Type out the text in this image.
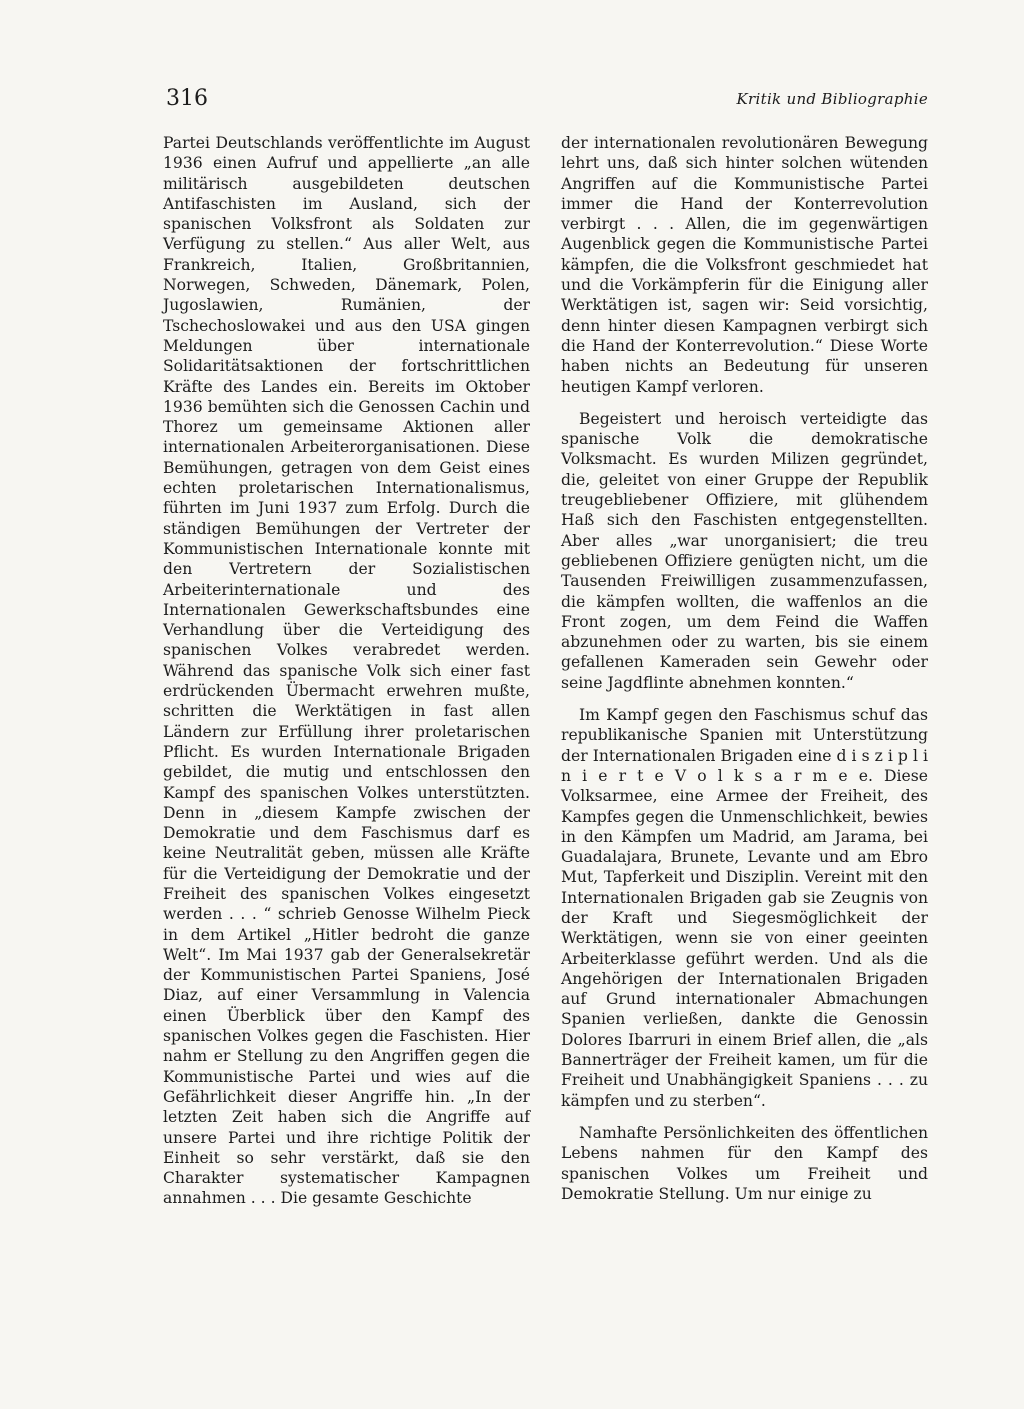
316	Kritik und Bibliographie

Partei Deutschlands veröffentlichte im August 1936 einen Aufruf und appellierte „an alle militärisch ausgebildeten deutschen Antifaschisten im Ausland, sich der spanischen Volksfront als Soldaten zur Verfügung zu stellen.“ Aus aller Welt, aus Frankreich, Italien, Großbritannien, Norwegen, Schweden, Dänemark, Polen, Jugoslawien, Rumänien, der Tschechoslowakei und aus den USA gingen Meldungen über internationale Solidaritätsaktionen der fortschrittlichen Kräfte des Landes ein. Bereits im Oktober 1936 bemühten sich die Genossen Cachin und Thorez um gemeinsame Aktionen aller internationalen Arbeiterorganisationen. Diese Bemühungen, getragen von dem Geist eines echten proletarischen Internationalismus, führten im Juni 1937 zum Erfolg. Durch die ständigen Bemühungen der Vertreter der Kommunistischen Internationale konnte mit den Vertretern der Sozialistischen Arbeiterinternationale und des Internationalen Gewerkschaftsbundes eine Verhandlung über die Verteidigung des spanischen Volkes verabredet werden. Während das spanische Volk sich einer fast erdrückenden Übermacht erwehren mußte, schritten die Werktätigen in fast allen Ländern zur Erfüllung ihrer proletarischen Pflicht. Es wurden Internationale Brigaden gebildet, die mutig und entschlossen den Kampf des spanischen Volkes unterstützten. Denn in „diesem Kampfe zwischen der Demokratie und dem Faschismus darf es keine Neutralität geben, müssen alle Kräfte für die Verteidigung der Demokratie und der Freiheit des spanischen Volkes eingesetzt werden . . . “ schrieb Genosse Wilhelm Pieck in dem Artikel „Hitler bedroht die ganze Welt“. Im Mai 1937 gab der Generalsekretär der Kommunistischen Partei Spaniens, José Diaz, auf einer Versammlung in Valencia einen Überblick über den Kampf des spanischen Volkes gegen die Faschisten. Hier nahm er Stellung zu den Angriffen gegen die Kommunistische Partei und wies auf die Gefährlichkeit dieser Angriffe hin. „In der letzten Zeit haben sich die Angriffe auf unsere Partei und ihre richtige Politik der Einheit so sehr verstärkt, daß sie den Charakter systematischer Kampagnen annahmen . . . Die gesamte Geschichte

der internationalen revolutionären Bewegung lehrt uns, daß sich hinter solchen wütenden Angriffen auf die Kommunistische Partei immer die Hand der Konterrevolution verbirgt . . . Allen, die im gegenwärtigen Augenblick gegen die Kommunistische Partei kämpfen, die die Volksfront geschmiedet hat und die Vorkämpferin für die Einigung aller Werktätigen ist, sagen wir: Seid vorsichtig, denn hinter diesen Kampagnen verbirgt sich die Hand der Konterrevolution.“ Diese Worte haben nichts an Bedeutung für unseren heutigen Kampf verloren.

Begeistert und heroisch verteidigte das spanische Volk die demokratische Volksmacht. Es wurden Milizen gegründet, die, geleitet von einer Gruppe der Republik treugebliebener Offiziere, mit glühendem Haß sich den Faschisten entgegenstellten. Aber alles „war unorganisiert; die treu gebliebenen Offiziere genügten nicht, um die Tausenden Freiwilligen zusammenzufassen, die kämpfen wollten, die waffenlos an die Front zogen, um dem Feind die Waffen abzunehmen oder zu warten, bis sie einem gefallenen Kameraden sein Gewehr oder seine Jagdflinte abnehmen konnten.“

Im Kampf gegen den Faschismus schuf das republikanische Spanien mit Unterstützung der Internationalen Brigaden eine d i s z i p l i n i e r t e V o l k s a r m e e. Diese Volksarmee, eine Armee der Freiheit, des Kampfes gegen die Unmenschlichkeit, bewies in den Kämpfen um Madrid, am Jarama, bei Guadalajara, Brunete, Levante und am Ebro Mut, Tapferkeit und Disziplin. Vereint mit den Internationalen Brigaden gab sie Zeugnis von der Kraft und Siegesmöglichkeit der Werktätigen, wenn sie von einer geeinten Arbeiterklasse geführt werden. Und als die Angehörigen der Internationalen Brigaden auf Grund internationaler Abmachungen Spanien verließen, dankte die Genossin Dolores Ibarruri in einem Brief allen, die „als Bannerträger der Freiheit kamen, um für die Freiheit und Unabhängigkeit Spaniens . . . zu kämpfen und zu sterben“.

Namhafte Persönlichkeiten des öffentlichen Lebens nahmen für den Kampf des spanischen Volkes um Freiheit und Demokratie Stellung. Um nur einige zu
